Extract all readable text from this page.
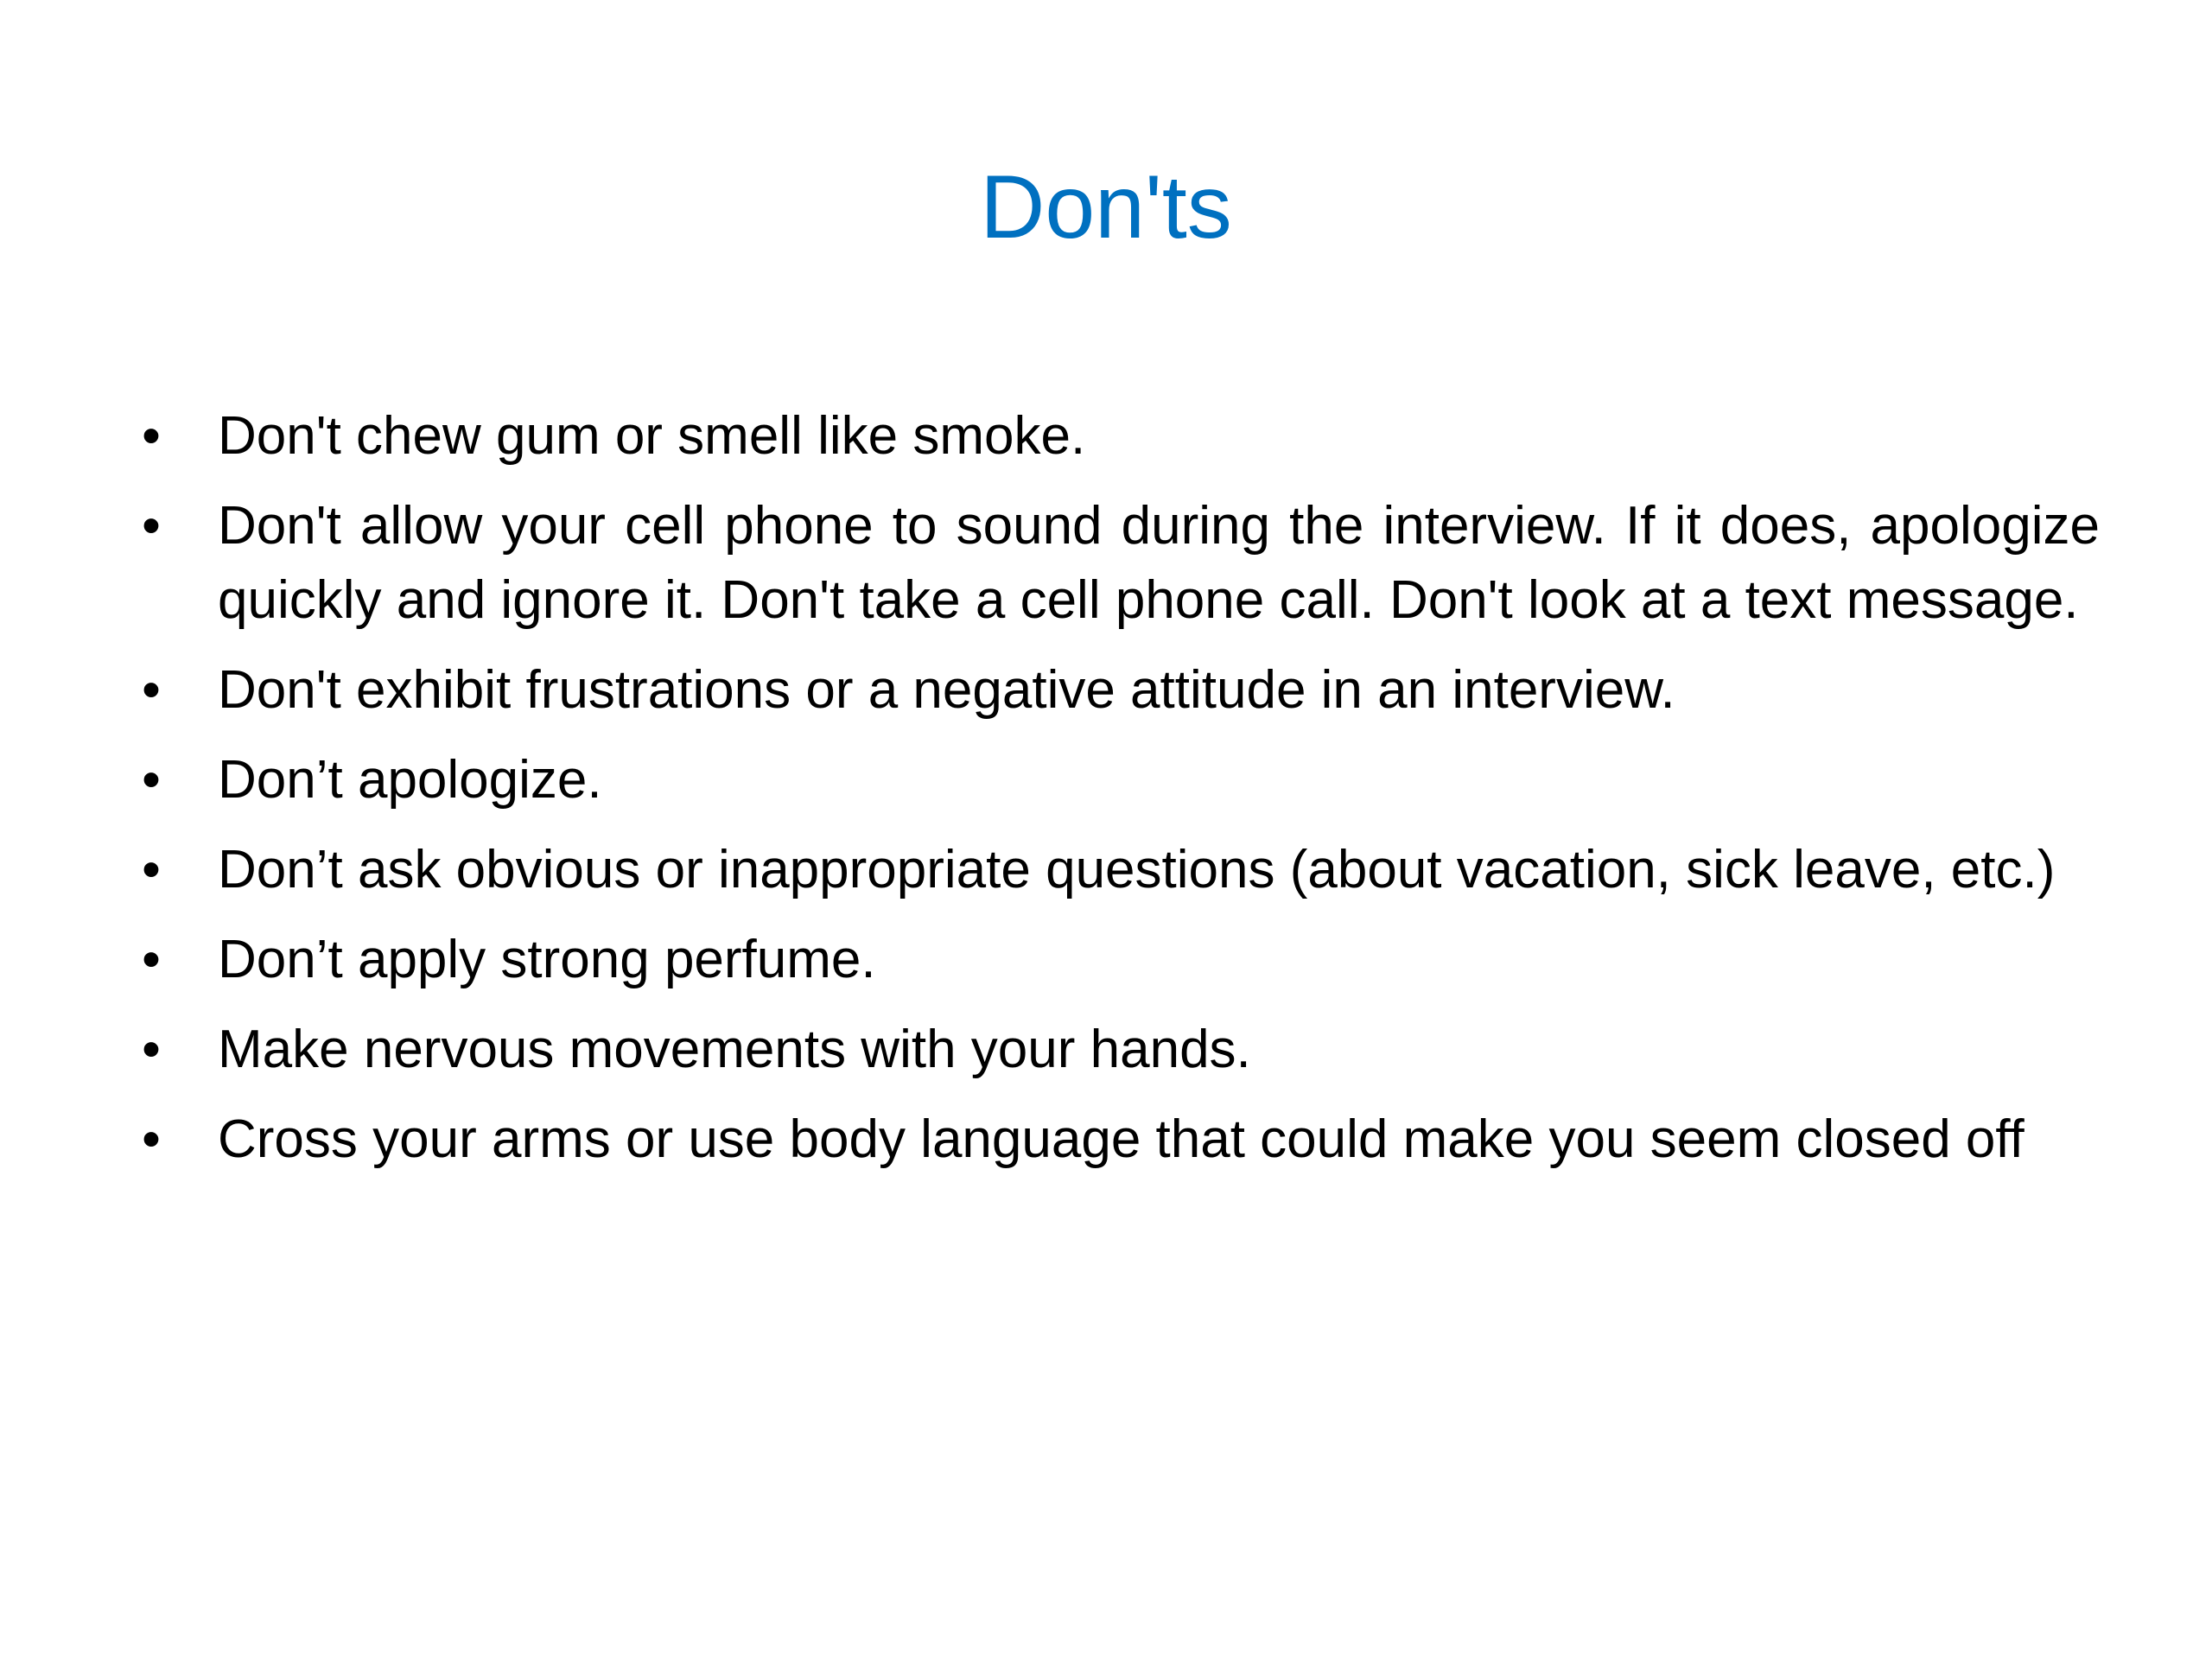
Don'ts
• Don't chew gum or smell like smoke.
• Don't allow your cell phone to sound during the interview. If it does, apologize quickly and ignore it. Don't take a cell phone call. Don't look at a text message.
• Don't exhibit frustrations or a negative attitude in an interview.
• Don’t apologize.
• Don’t ask obvious or inappropriate questions (about vacation, sick leave, etc.)
• Don’t apply strong perfume.
• Make nervous movements with your hands.
• Cross your arms or use body language that could make you seem closed off
